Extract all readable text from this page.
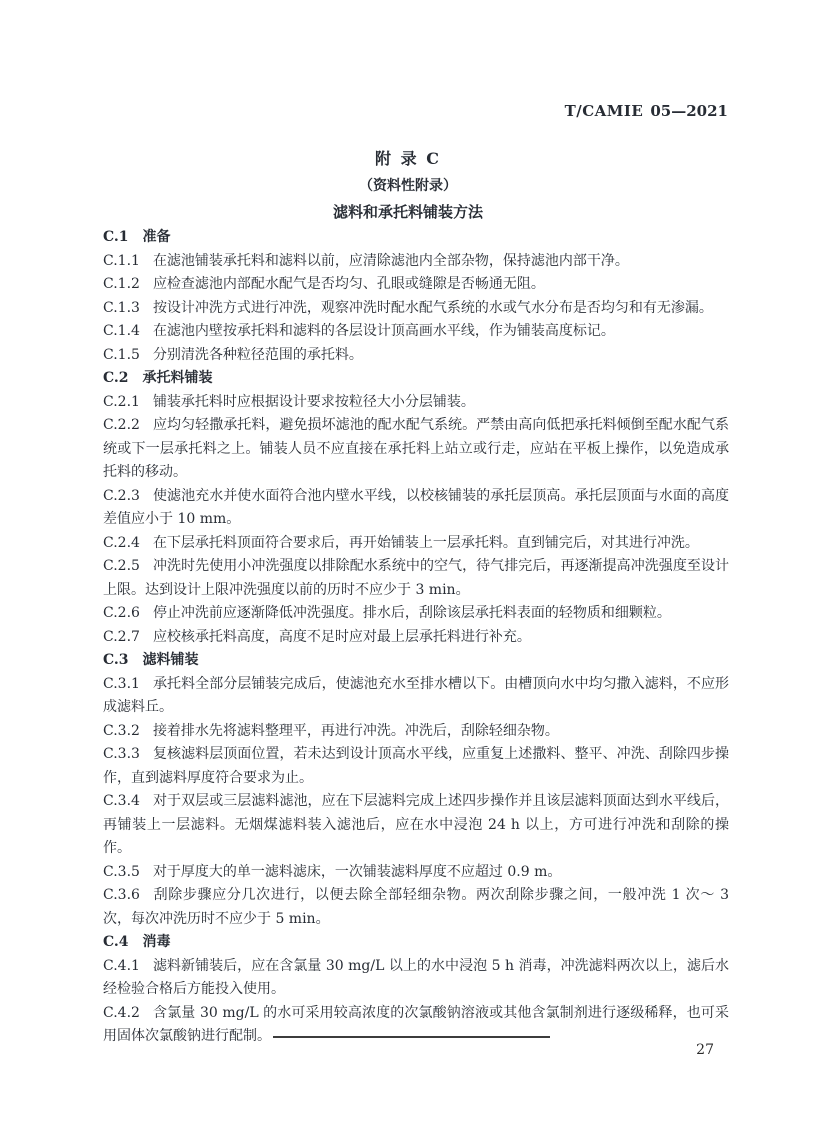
T/CAMIE 05—2021
附 录 C
（资料性附录）
滤料和承托料铺装方法

C.1 准备

C.1.1 在滤池铺装承托料和滤料以前，应清除滤池内全部杂物，保持滤池内部干净。

C.1.2 应检查滤池内部配水配气是否均匀、孔眼或缝隙是否畅通无阻。

C.1.3 按设计冲洗方式进行冲洗，观察冲洗时配水配气系统的水或气水分布是否均匀和有无渗漏。

C.1.4 在滤池内壁按承托料和滤料的各层设计顶高画水平线，作为铺装高度标记。

C.1.5 分别清洗各种粒径范围的承托料。

C.2 承托料铺装

C.2.1 铺装承托料时应根据设计要求按粒径大小分层铺装。

C.2.2 应均匀轻撒承托料，避免损坏滤池的配水配气系统。严禁由高向低把承托料倾倒至配水配气系统或下一层承托料之上。铺装人员不应直接在承托料上站立或行走，应站在平板上操作，以免造成承托料的移动。

C.2.3 使滤池充水并使水面符合池内壁水平线，以校核铺装的承托层顶高。承托层顶面与水面的高度差值应小于 10 mm。

C.2.4 在下层承托料顶面符合要求后，再开始铺装上一层承托料。直到铺完后，对其进行冲洗。

C.2.5 冲洗时先使用小冲洗强度以排除配水系统中的空气，待气排完后，再逐渐提高冲洗强度至设计上限。达到设计上限冲洗强度以前的历时不应少于 3 min。

C.2.6 停止冲洗前应逐渐降低冲洗强度。排水后，刮除该层承托料表面的轻物质和细颗粒。

C.2.7 应校核承托料高度，高度不足时应对最上层承托料进行补充。

C.3 滤料铺装

C.3.1 承托料全部分层铺装完成后，使滤池充水至排水槽以下。由槽顶向水中均匀撒入滤料，不应形成滤料丘。

C.3.2 接着排水先将滤料整理平，再进行冲洗。冲洗后，刮除轻细杂物。

C.3.3 复核滤料层顶面位置，若未达到设计顶高水平线，应重复上述撒料、整平、冲洗、刮除四步操作，直到滤料厚度符合要求为止。

C.3.4 对于双层或三层滤料滤池，应在下层滤料完成上述四步操作并且该层滤料顶面达到水平线后，再铺装上一层滤料。无烟煤滤料装入滤池后，应在水中浸泡 24 h 以上，方可进行冲洗和刮除的操作。

C.3.5 对于厚度大的单一滤料滤床，一次铺装滤料厚度不应超过 0.9 m。

C.3.6 刮除步骤应分几次进行，以便去除全部轻细杂物。两次刮除步骤之间，一般冲洗 1 次～ 3 次，每次冲洗历时不应少于 5 min。

C.4 消毒

C.4.1 滤料新铺装后，应在含氯量 30 mg/L 以上的水中浸泡 5 h 消毒，冲洗滤料两次以上，滤后水经检验合格后方能投入使用。

C.4.2 含氯量 30 mg/L 的水可采用较高浓度的次氯酸钠溶液或其他含氯制剂进行逐级稀释，也可采用固体次氯酸钠进行配制。

27
